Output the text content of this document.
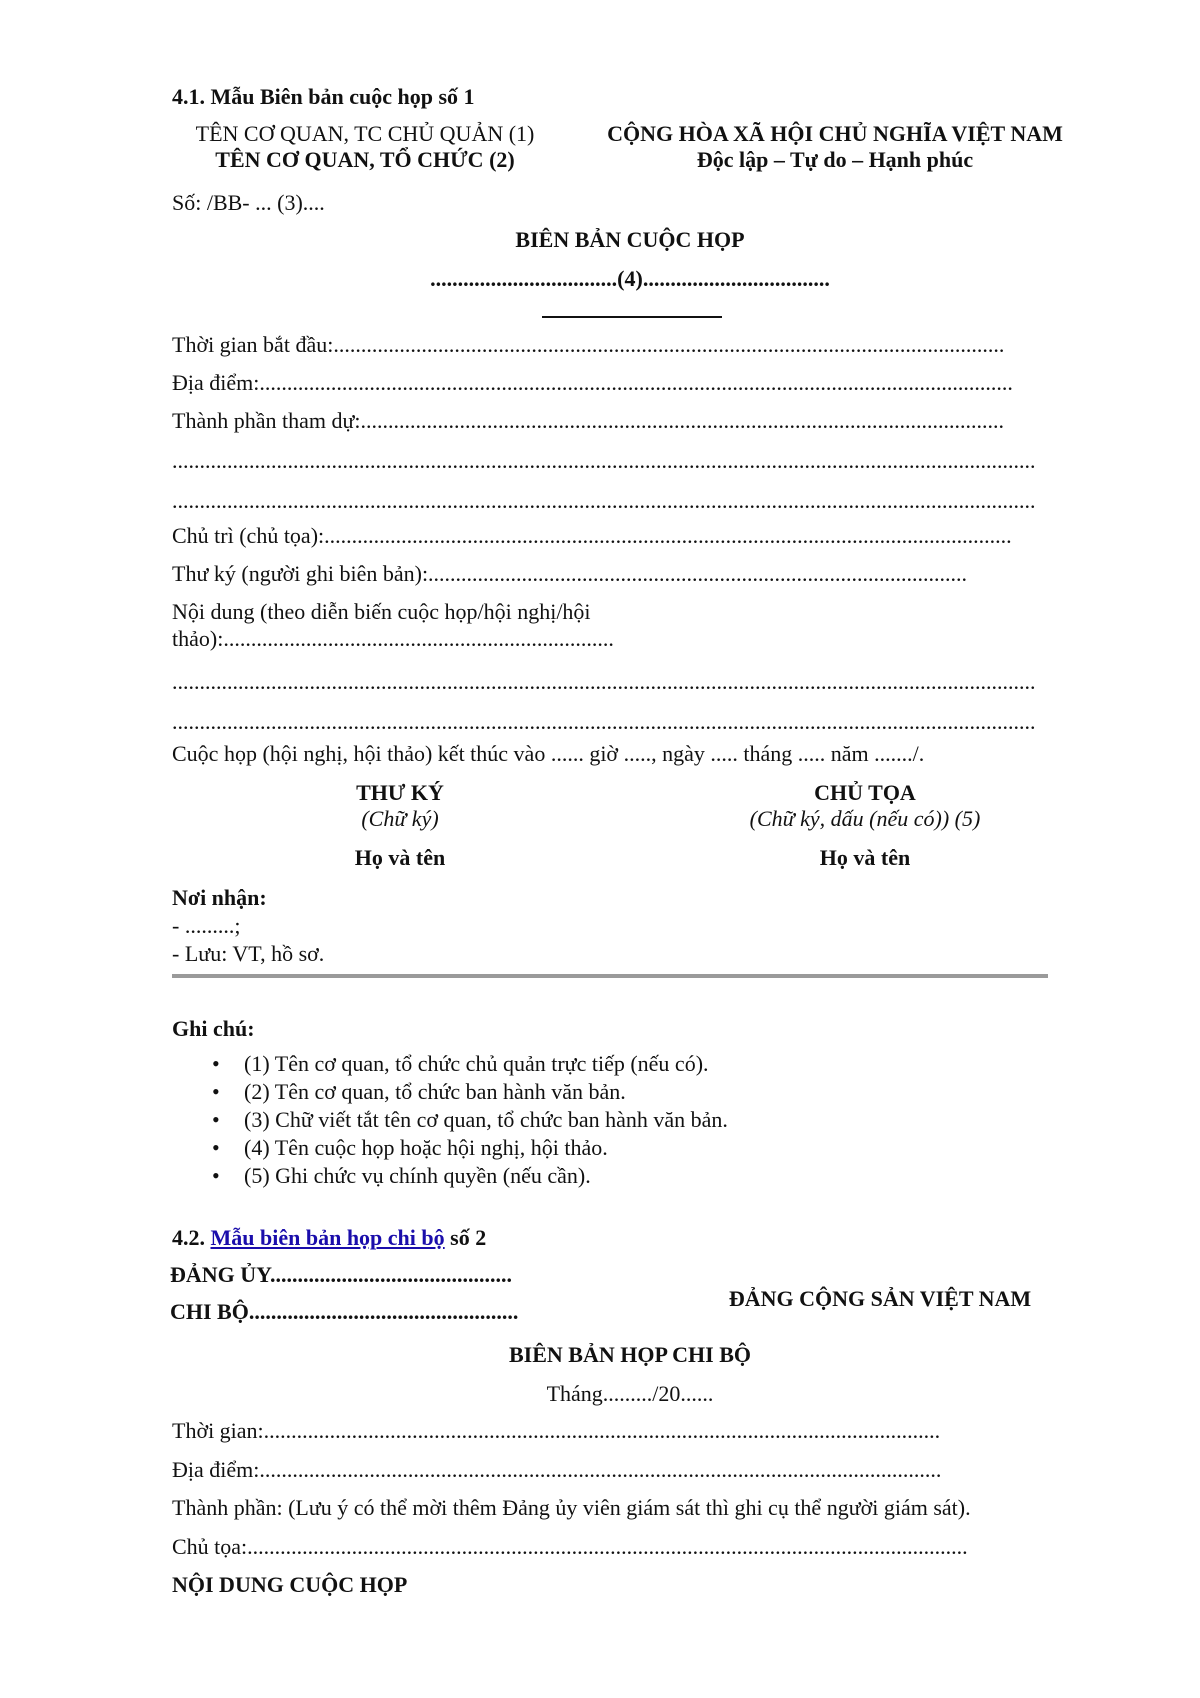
4.1. Mẫu Biên bản cuộc họp số 1
TÊN CƠ QUAN, TC CHỦ QUẢN (1)
TÊN CƠ QUAN, TỔ CHỨC (2)
CỘNG HÒA XÃ HỘI CHỦ NGHĨA VIỆT NAM
Độc lập – Tự do – Hạnh phúc
Số: /BB- ... (3)....
BIÊN BẢN CUỘC HỌP
..................................(4)..................................
Thời gian bắt đầu:..........................................................................................................................
Địa điểm:.........................................................................................................................................
Thành phần tham dự:.....................................................................................................................
.............................................................................................................................................................
.............................................................................................................................................................
Chủ trì (chủ tọa):.............................................................................................................................
Thư ký (người ghi biên bản):..................................................................................................
Nội dung (theo diễn biến cuộc họp/hội nghị/hội
thảo):.......................................................................
.............................................................................................................................................................
.............................................................................................................................................................
Cuộc họp (hội nghị, hội thảo) kết thúc vào ...... giờ ....., ngày ..... tháng ..... năm ......./.
THƯ KÝ
(Chữ ký)
Họ và tên
CHỦ TỌA
(Chữ ký, dấu (nếu có)) (5)
Họ và tên
Nơi nhận:
- .........;
- Lưu: VT, hồ sơ.
Ghi chú:
• (1) Tên cơ quan, tổ chức chủ quản trực tiếp (nếu có).
• (2) Tên cơ quan, tổ chức ban hành văn bản.
• (3) Chữ viết tắt tên cơ quan, tổ chức ban hành văn bản.
• (4) Tên cuộc họp hoặc hội nghị, hội thảo.
• (5) Ghi chức vụ chính quyền (nếu cần).
4.2. Mẫu biên bản họp chi bộ số 2
ĐẢNG ỦY............................................
CHI BỘ.................................................
ĐẢNG CỘNG SẢN VIỆT NAM
BIÊN BẢN HỌP CHI BỘ
Tháng........./20......
Thời gian:...........................................................................................................................
Địa điểm:............................................................................................................................
Thành phần: (Lưu ý có thể mời thêm Đảng ủy viên giám sát thì ghi cụ thể người giám sát).
Chủ tọa:...................................................................................................................................
NỘI DUNG CUỘC HỌP
